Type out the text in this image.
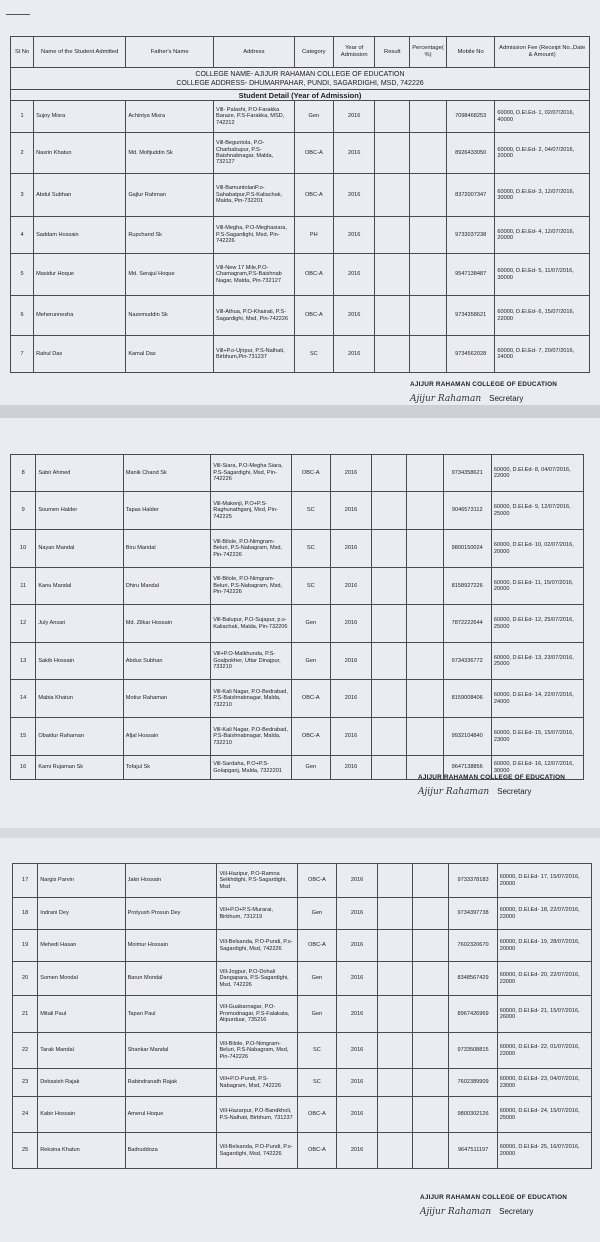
COLLEGE NAME- AJIJUR RAHAMAN COLLEGE OF EDUCATION
COLLEGE ADDRESS- DHUMARPAHAR, PUNDI, SAGARDIGHI, MSD, 742226									

Student Detail (Year of Admission)									
Sl No	Name of the Student Admitted	Father's Name	Address	Category	Year of Admission	Result	Percentage( %)	Mobile No	Admission Fee (Receipt No.,Date & Amount)
1	Sujoy Misra	Achintya Misra	Vill- Palashi, P.O-Farakka Baraze, P.S-Farakka, MSD, 742212	Gen	2016			7098468253	60000, D.El.Ed- 1, 02/07/2016, 40000
2	Nasrin Khatun	Md. Mofijuddin Sk	Vill-Beguntola, P.O-Charbabupur, P.S-Baishnabnagar, Malda, 732127	OBC-A	2016			8926433050	60000, D.El.Ed- 2, 04/07/2016, 20000
3	Abdul Subhan	Gajlur Rahman	Vill-BamuntolanP.o-Sahabatpur,P.S-Kaliachak, Malda, Pin-732201	OBC-A	2016			8372007347	60000, D.El.Ed- 3, 12/07/2016, 30000
4	Saddam Hossain	Rupchand Sk	Vill-Megha, P.O-Meghasiara, P.S-Sagardighi, Msd, Pin-742226	PH	2016			9733037238	60000, D.El.Ed- 4, 12/07/2016, 20000
5	Masidur Hoque	Md. Serajul Hoque	Vill-New 17 Mile,P.O-Chamagram,P.S-Baishnab Nagar, Malda, Pin-732127	OBC-A	2016			9547138487	60000, D.El.Ed- 5, 11/07/2016, 30000
6	Meherunnesha	Nazemuddin Sk	Vill-Athua, P.O-Khairati, P.S-Sagardighi, Msd, Pin-742226	OBC-A	2016			9734358621	60000, D.El.Ed- 6, 15/07/2016, 22000
7	Rahul Das	Kamal Das	Vill+P.o-Ujirpur, P.S-Nalhati, Birbhum,Pin-731237	SC	2016			9734562028	60000, D.El.Ed- 7, 20/07/2016, 24000
AJIJUR RAHAMAN COLLEGE OF EDUCATION
Ajijur Rahaman Secretary
8	Sabir Ahmed	Manik Chand Sk	Vill-Siara, P.O-Megha Siara, P.S-Sagardighi, Msd, Pin-742226	OBC-A	2016			9734358621	60000, D.El.Ed- 8, 04/07/2016, 22000
9	Soumen Halder	Tapas Halder	Vill-Makenji, P.O+P.S-Raghunathganj, Msd, Pin-742225	SC	2016			9046573112	60000, D.El.Ed- 9, 12/07/2016, 25000
10	Nayan Mandal	Biru Mandal	Vill-Bilole, P.O-Nimgram-Beluri, P.S-Nabagram, Msd, Pin-742226	SC	2016			9800150024	60000, D.El.Ed- 10, 02/07/2016, 20000
11	Kanu Mandal	Dhiru Mandal	Vill-Bilole, P.O-Nimgram-Beluri, P.S-Nabagram, Msd, Pin-742226	SC	2016			8158927226	60000, D.El.Ed- 11, 15/07/2016, 20000
12	July Ansari	Md. Zilkar Hossain	Vill-Balupur, P.O-Sujapur, p.s-Kaliachak, Malda, Pin-732206	Gen	2016			7872222644	60000, D.El.Ed- 12, 25/07/2016, 25000
13	Sakib Hossain	Abdus Subhan	Vill+P.O-Malkhunda, P.S-Goalpokher, Uttar Dinajpur, 733210	Gen	2016			9734336772	60000, D.El.Ed- 13, 23/07/2016, 25000
14	Mabia Khatun	Motiur Rahaman	Vill-Kali Nagar, P.O-Bedrabad, P.S-Baishnabnagar, Malda, 732210	OBC-A	2016			8159008406	60000, D.El.Ed- 14, 22/07/2016, 24000
15	Obaidur Rahaman	Afjal Hossain	Vill-Kali Nagar, P.O-Bedrabad, P.S-Baishnabnagar, Malda, 732210	OBC-A	2016			9932104840	60000, D.El.Ed- 15, 15/07/2016, 23000
16	Kami Rujaman Sk	Tofajul Sk	Vill-Sardaha, P.O+P.S-Golapganj, Malda, 7322201	Gen	2016			9647138856	60000, D.El.Ed- 16, 12/07/2016, 30000
AJIJUR RAHAMAN COLLEGE OF EDUCATION
Ajijur Rahaman Secretary
17	Nargis Parvin	Jakir Hossain	Vill-Hazipur, P.O-Ramna Seikhdighi, P.S-Sagardighi, Msd	OBC-A	2016			9733378183	60000, D.El.Ed- 17, 15/07/2016, 20000
18	Indrani Dey	Protyush Prosun Dey	Vill+P.O+P.S-Murarai, Birbhum, 731219	Gen	2016			9734397738	60000, D.El.Ed- 18, 22/07/2016, 22000
19	Mehedi Hasan	Moimur Hossain	Vill-Belsanda, P.O-Pundi, P.s-Sagardighi, Msd, 742226	OBC-A	2016			7602320670	60000, D.El.Ed- 19, 28/07/2016, 20000
20	Somen Mondal	Barun Mondal	Vill-Jogpur, P.O-Dohali Dangapara, P.S-Sagardighi, Msd, 742226	Gen	2016			8348567429	60000, D.El.Ed- 20, 22/07/2016, 22000
21	Mitali Paul	Tapan Paul	Vill-Guabarnagar, P.O-Promodnagar, P.S-Falakata, Alipurduar, 735216	Gen	2016			8967426969	60000, D.El.Ed- 21, 15/07/2016, 26000
22	Tarak Mandal	Shankar Mandal	Vill-Bilole, P.O-Nimgram-Beluri, P.S-Nabagram, Msd, Pin-742226	SC	2016			9733508815	60000, D.El.Ed- 22, 01/07/2016, 22000
23	Debasish Rajak	Rabindranath Rajak	Vill+P.O-Pundi, P.S-Nabagram, Msd, 742226	SC	2016			7602389909	60000, D.El.Ed- 23, 04/07/2016, 23000
24	Kabir Hossain	Amerul Hoque	Vill-Hazarpur, P.O-Bandkholi, P.S-Nalhati, Birbhum, 731237	OBC-A	2016			9800302126	60000, D.El.Ed- 24, 15/07/2016, 25000
25	Reksina Khatun	Badruddoza	Vill-Belsanda, P.O-Pundi, P.s-Sagardighi, Msd, 742226	OBC-A	2016			9647511197	60000, D.El.Ed- 25, 16/07/2016, 20000
AJIJUR RAHAMAN COLLEGE OF EDUCATION
Ajijur Rahaman Secretary
